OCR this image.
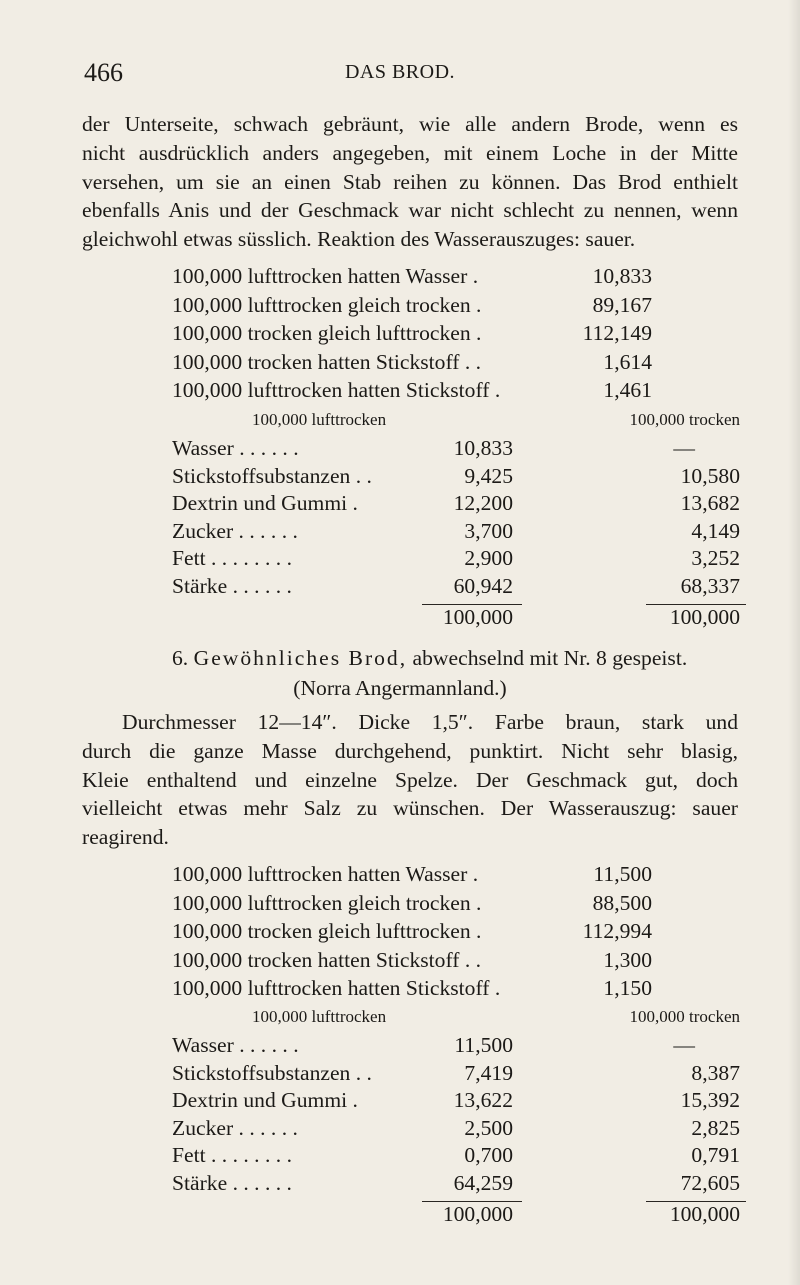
466	DAS BROD.
der Unterseite, schwach gebräunt, wie alle andern Brode, wenn es
nicht ausdrücklich anders angegeben, mit einem Loche in der Mitte
versehen, um sie an einen Stab reihen zu können. Das Brod enthielt
ebenfalls Anis und der Geschmack war nicht schlecht zu nennen, wenn
gleichwohl etwas süsslich. Reaktion des Wasserauszuges: sauer.
100,000 lufttrocken hatten Wasser .	10,833
100,000 lufttrocken gleich trocken .	89,167
100,000 trocken gleich lufttrocken .	112,149
100,000 trocken hatten Stickstoff . .	1,614
100,000 lufttrocken hatten Stickstoff .	1,461
100,000 lufttrocken	100,000 trocken
Wasser . . . . . .	10,833	—
Stickstoffsubstanzen . .	9,425	10,580
Dextrin und Gummi .	12,200	13,682
Zucker . . . . . .	3,700	4,149
Fett . . . . . . . .	2,900	3,252
Stärke . . . . . .	60,942	68,337
100,000	100,000
6. Gewöhnliches Brod, abwechselnd mit Nr. 8 gespeist.
(Norra Angermannland.)
Durchmesser 12—14″. Dicke 1,5″. Farbe braun, stark und
durch die ganze Masse durchgehend, punktirt. Nicht sehr blasig,
Kleie enthaltend und einzelne Spelze. Der Geschmack gut, doch
vielleicht etwas mehr Salz zu wünschen. Der Wasserauszug: sauer
reagirend.
100,000 lufttrocken hatten Wasser .	11,500
100,000 lufttrocken gleich trocken .	88,500
100,000 trocken gleich lufttrocken .	112,994
100,000 trocken hatten Stickstoff . .	1,300
100,000 lufttrocken hatten Stickstoff .	1,150
100,000 lufttrocken	100,000 trocken
Wasser . . . . . .	11,500	—
Stickstoffsubstanzen . .	7,419	8,387
Dextrin und Gummi .	13,622	15,392
Zucker . . . . . .	2,500	2,825
Fett . . . . . . . .	0,700	0,791
Stärke . . . . . .	64,259	72,605
100,000	100,000
